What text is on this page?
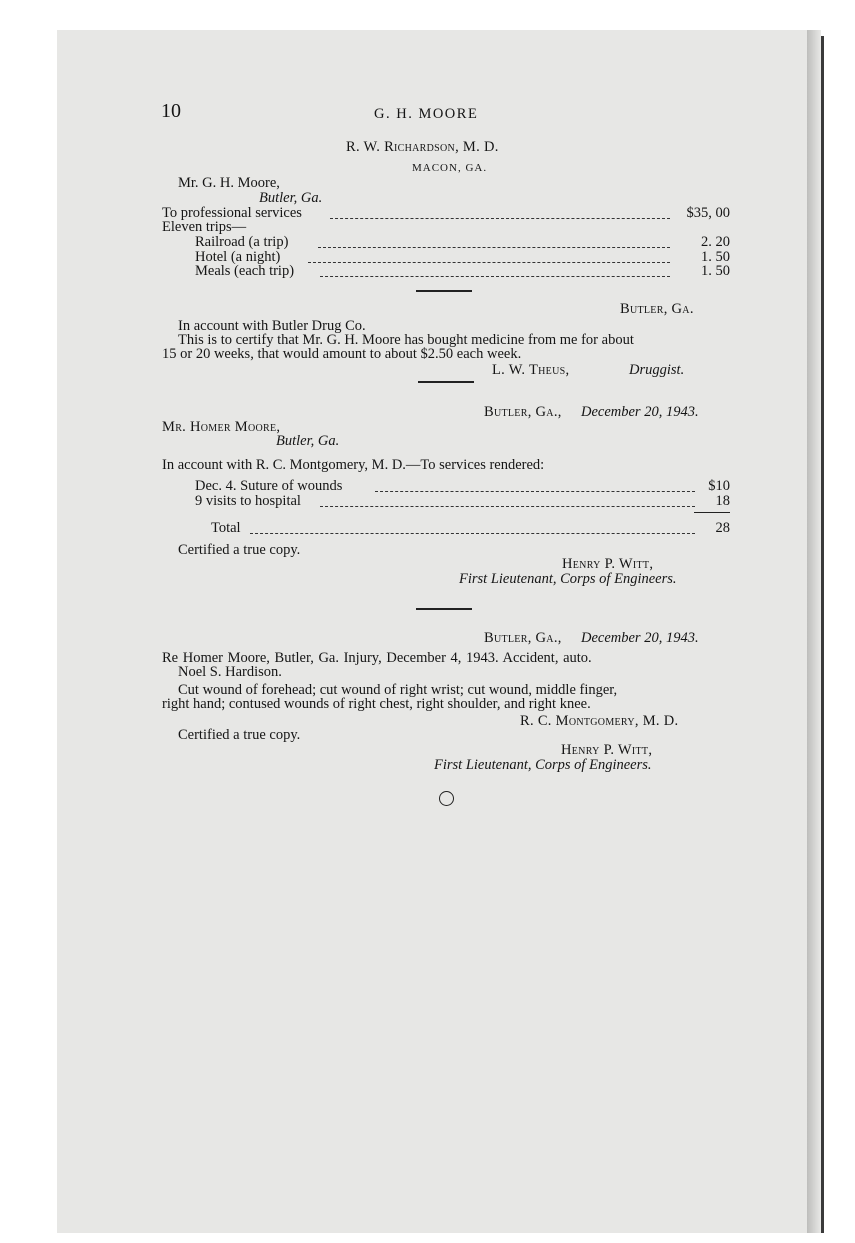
10	G. H. MOORE
R. W. Richardson, M. D.
MACON, GA.
Mr. G. H. Moore,
Butler, Ga.
To professional services	$35, 00
Eleven trips—
Railroad (a trip)	2. 20
Hotel (a night)	1. 50
Meals (each trip)	1. 50
Butler, Ga.
In account with Butler Drug Co.
This is to certify that Mr. G. H. Moore has bought medicine from me for about
15 or 20 weeks, that would amount to about $2.50 each week.
L. W. Theus,	Druggist.
Butler, Ga., December 20, 1943.
Mr. Homer Moore,
Butler, Ga.
In account with R. C. Montgomery, M. D.—To services rendered:
Dec. 4. Suture of wounds	$10
9 visits to hospital	18
Total	28
Certified a true copy.
Henry P. Witt,
First Lieutenant, Corps of Engineers.
Butler, Ga., December 20, 1943.
Re Homer Moore, Butler, Ga. Injury, December 4, 1943. Accident, auto.
Noel S. Hardison.
Cut wound of forehead; cut wound of right wrist; cut wound, middle finger,
right hand; contused wounds of right chest, right shoulder, and right knee.
R. C. Montgomery, M. D.
Certified a true copy.
Henry P. Witt,
First Lieutenant, Corps of Engineers.
